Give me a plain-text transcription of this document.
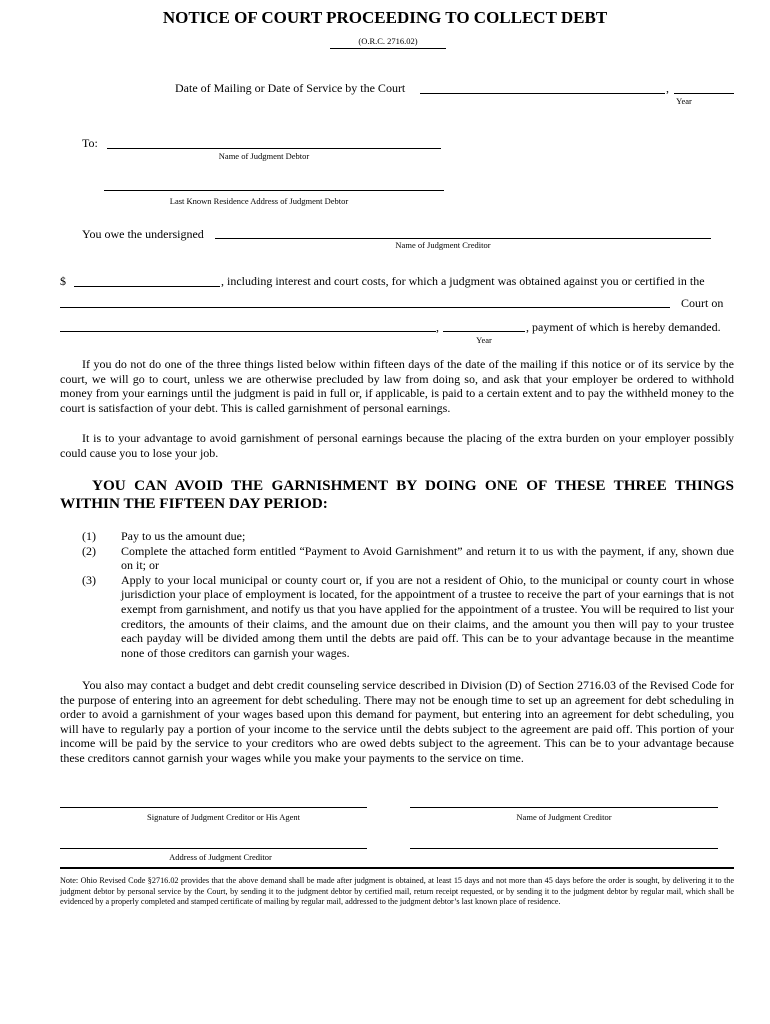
NOTICE OF COURT PROCEEDING TO COLLECT DEBT
(O.R.C. 2716.02)
Date of Mailing or Date of Service by the Court	,
Year
To:
Name of Judgment Debtor
Last Known Residence Address of Judgment Debtor
You owe the undersigned
Name of Judgment Creditor
$	, including interest and court costs, for which a judgment was obtained against you or certified in the
Court on
,	, payment of which is hereby demanded.
Year
If you do not do one of the three things listed below within fifteen days of the date of the mailing if this notice or of its service by the court, we will go to court, unless we are otherwise precluded by law from doing so, and ask that your employer be ordered to withhold money from your earnings until the judgment is paid in full or, if applicable, is paid to a certain extent and to pay the withheld money to the court is satisfaction of your debt. This is called garnishment of personal earnings.
It is to your advantage to avoid garnishment of personal earnings because the placing of the extra burden on your employer possibly could cause you to lose your job.
YOU CAN AVOID THE GARNISHMENT BY DOING ONE OF THESE THREE THINGS WITHIN THE FIFTEEN DAY PERIOD:
(1)	Pay to us the amount due;
(2)	Complete the attached form entitled “Payment to Avoid Garnishment” and return it to us with the payment, if any, shown due on it; or
(3)	Apply to your local municipal or county court or, if you are not a resident of Ohio, to the municipal or county court in whose jurisdiction your place of employment is located, for the appointment of a trustee to receive the part of your earnings that is not exempt from garnishment, and notify us that you have applied for the appointment of a trustee. You will be required to list your creditors, the amounts of their claims, and the amount due on their claims, and the amount you then will pay to your trustee each payday will be divided among them until the debts are paid off. This can be to your advantage because in the meantime none of those creditors can garnish your wages.
You also may contact a budget and debt credit counseling service described in Division (D) of Section 2716.03 of the Revised Code for the purpose of entering into an agreement for debt scheduling. There may not be enough time to set up an agreement for debt scheduling in order to avoid a garnishment of your wages based upon this demand for payment, but entering into an agreement for debt scheduling, you will have to regularly pay a portion of your income to the service until the debts subject to the agreement are paid off. This portion of your income will be paid by the service to your creditors who are owed debts subject to the agreement. This can be to your advantage because these creditors cannot garnish your wages while you make your payments to the service on time.
Signature of Judgment Creditor or His Agent	Name of Judgment Creditor
Address of Judgment Creditor
Note: Ohio Revised Code §2716.02 provides that the above demand shall be made after judgment is obtained, at least 15 days and not more than 45 days before the order is sought, by delivering it to the judgment debtor by personal service by the Court, by sending it to the judgment debtor by certified mail, return receipt requested, or by sending it to the judgment debtor by regular mail, which shall be evidenced by a properly completed and stamped certificate of mailing by regular mail, addressed to the judgment debtor’s last known place of residence.
